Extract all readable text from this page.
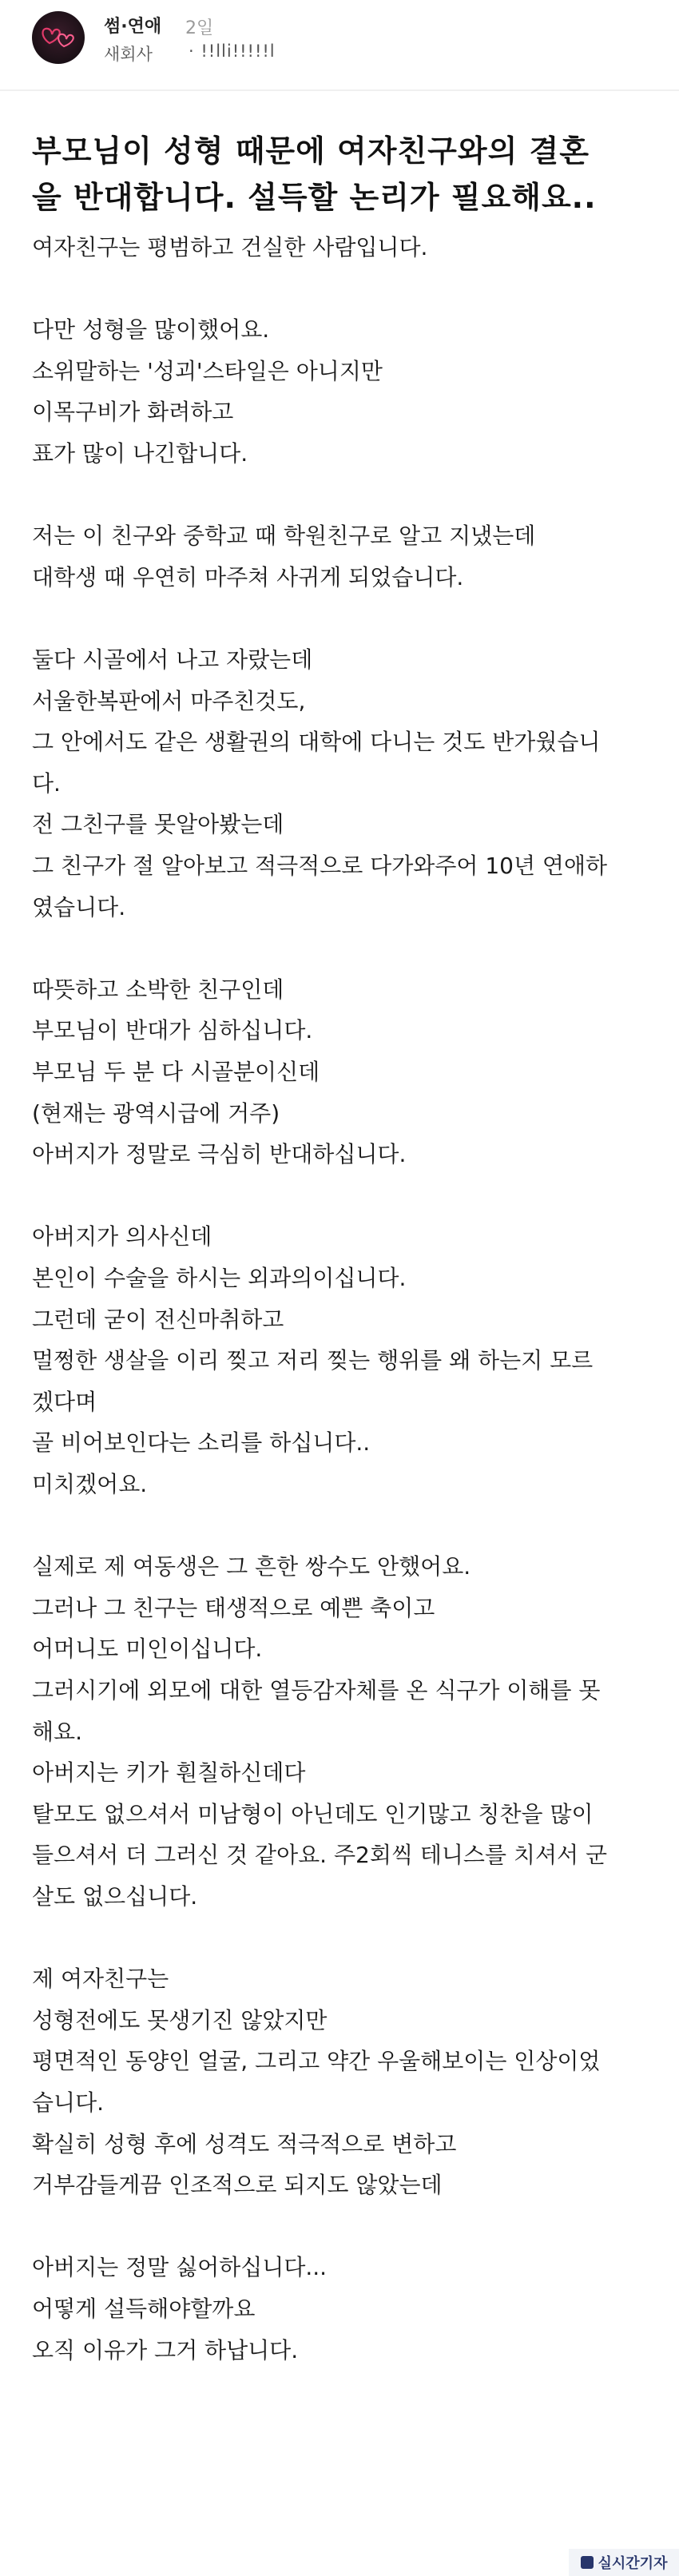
썸·연애 2일
새회사 · !!lli!!!!!l
부모님이 성형 때문에 여자친구와의 결혼
을 반대합니다. 설득할 논리가 필요해요..
여자친구는 평범하고 건실한 사람입니다.
다만 성형을 많이했어요.
소위말하는 '성괴'스타일은 아니지만
이목구비가 화려하고
표가 많이 나긴합니다.
저는 이 친구와 중학교 때 학원친구로 알고 지냈는데
대학생 때 우연히 마주쳐 사귀게 되었습니다.
둘다 시골에서 나고 자랐는데
서울한복판에서 마주친것도,
그 안에서도 같은 생활권의 대학에 다니는 것도 반가웠습니
다.
전 그친구를 못알아봤는데
그 친구가 절 알아보고 적극적으로 다가와주어 10년 연애하
였습니다.
따뜻하고 소박한 친구인데
부모님이 반대가 심하십니다.
부모님 두 분 다 시골분이신데
(현재는 광역시급에 거주)
아버지가 정말로 극심히 반대하십니다.
아버지가 의사신데
본인이 수술을 하시는 외과의이십니다.
그런데 굳이 전신마취하고
멀쩡한 생살을 이리 찢고 저리 찢는 행위를 왜 하는지 모르
겠다며
골 비어보인다는 소리를 하십니다..
미치겠어요.
실제로 제 여동생은 그 흔한 쌍수도 안했어요.
그러나 그 친구는 태생적으로 예쁜 축이고
어머니도 미인이십니다.
그러시기에 외모에 대한 열등감자체를 온 식구가 이해를 못
해요.
아버지는 키가 훤칠하신데다
탈모도 없으셔서 미남형이 아닌데도 인기많고 칭찬을 많이
들으셔서 더 그러신 것 같아요. 주2회씩 테니스를 치셔서 군
살도 없으십니다.
제 여자친구는
성형전에도 못생기진 않았지만
평면적인 동양인 얼굴, 그리고 약간 우울해보이는 인상이었
습니다.
확실히 성형 후에 성격도 적극적으로 변하고
거부감들게끔 인조적으로 되지도 않았는데
아버지는 정말 싫어하십니다...
어떻게 설득해야할까요
오직 이유가 그거 하납니다.
실시간기자
